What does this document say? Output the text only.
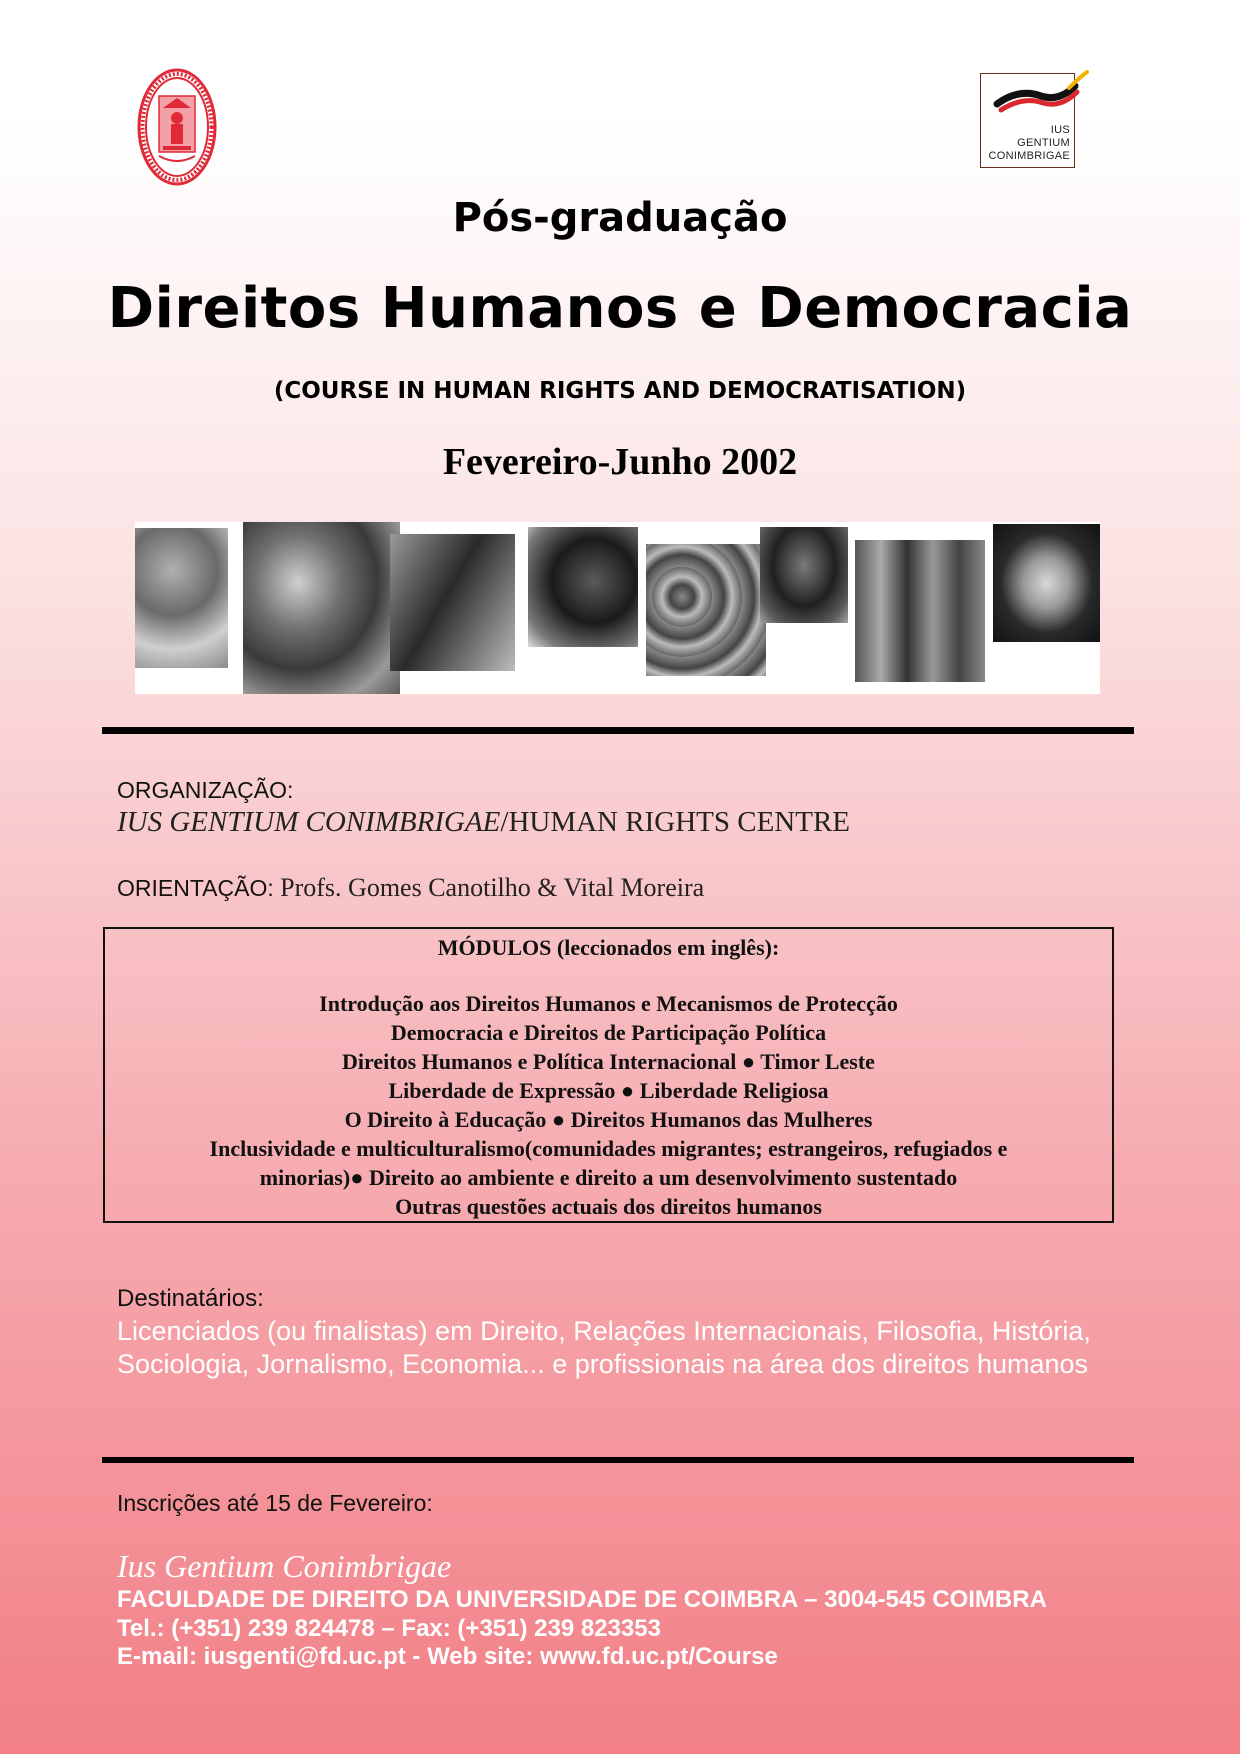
IUS
GENTIUM
CONIMBRIGAE
Pós-graduação
Direitos Humanos e Democracia
(COURSE IN HUMAN RIGHTS AND DEMOCRATISATION)
Fevereiro-Junho 2002
ORGANIZAÇÃO:
IUS GENTIUM CONIMBRIGAE/HUMAN RIGHTS CENTRE
ORIENTAÇÃO: Profs. Gomes Canotilho & Vital Moreira
MÓDULOS (leccionados em inglês):
Introdução aos Direitos Humanos e Mecanismos de Protecção
Democracia e Direitos de Participação Política
Direitos Humanos e Política Internacional ● Timor Leste
Liberdade de Expressão ● Liberdade Religiosa
O Direito à Educação ● Direitos Humanos das Mulheres
Inclusividade e multiculturalismo(comunidades migrantes; estrangeiros, refugiados e
minorias)● Direito ao ambiente e direito a um desenvolvimento sustentado
Outras questões actuais dos direitos humanos
Destinatários:
Licenciados (ou finalistas) em Direito, Relações Internacionais, Filosofia, História, Sociologia, Jornalismo, Economia... e profissionais na área dos direitos humanos
Inscrições até 15 de Fevereiro:
Ius Gentium Conimbrigae
FACULDADE DE DIREITO DA UNIVERSIDADE DE COIMBRA – 3004-545 COIMBRA
Tel.: (+351) 239 824478 – Fax: (+351) 239 823353
E-mail: iusgenti@fd.uc.pt - Web site: www.fd.uc.pt/Course
